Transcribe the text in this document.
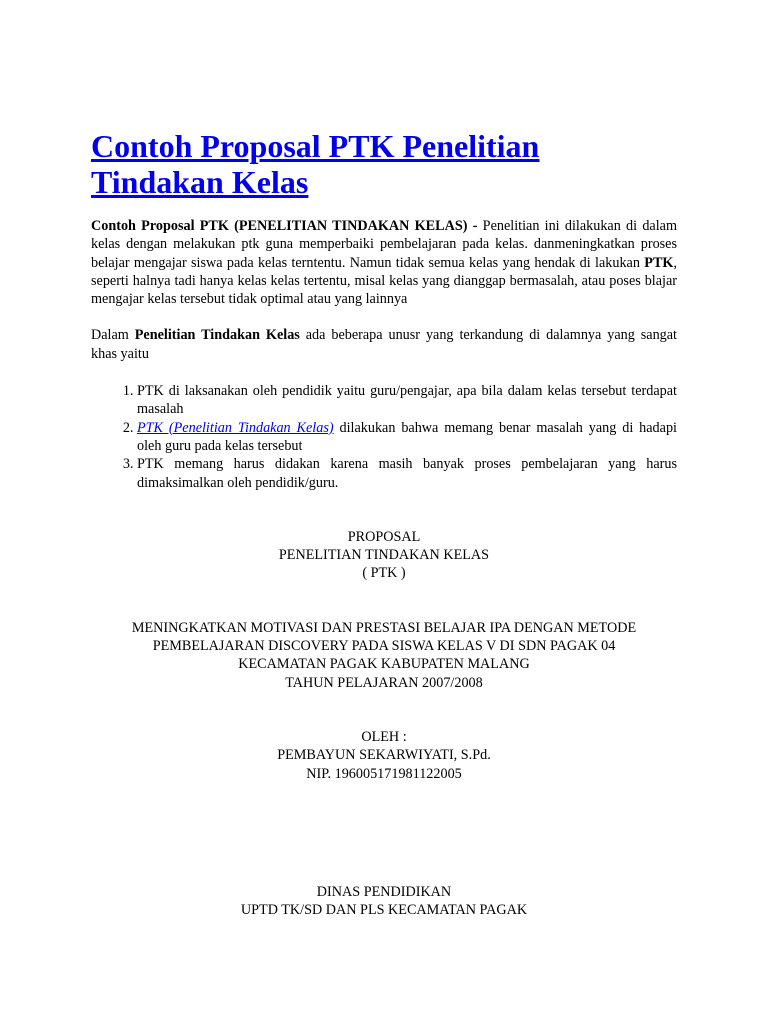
Contoh Proposal PTK Penelitian Tindakan Kelas

Contoh Proposal PTK (PENELITIAN TINDAKAN KELAS) - Penelitian ini dilakukan di dalam kelas dengan melakukan ptk guna memperbaiki pembelajaran pada kelas. danmeningkatkan proses belajar mengajar siswa pada kelas terntentu. Namun tidak semua kelas yang hendak di lakukan PTK, seperti halnya tadi hanya kelas kelas tertentu, misal kelas yang dianggap bermasalah, atau poses blajar mengajar kelas tersebut tidak optimal atau yang lainnya

Dalam Penelitian Tindakan Kelas ada beberapa unusr yang terkandung di dalamnya yang sangat khas yaitu

1. PTK di laksanakan oleh pendidik yaitu guru/pengajar, apa bila dalam kelas tersebut terdapat masalah
2. PTK (Penelitian Tindakan Kelas) dilakukan bahwa memang benar masalah yang di hadapi oleh guru pada kelas tersebut
3. PTK memang harus didakan karena masih banyak proses pembelajaran yang harus dimaksimalkan oleh pendidik/guru.
PROPOSAL
PENELITIAN TINDAKAN KELAS
( PTK )
MENINGKATKAN MOTIVASI DAN PRESTASI BELAJAR IPA DENGAN METODE
PEMBELAJARAN DISCOVERY PADA SISWA KELAS V DI SDN PAGAK 04
KECAMATAN PAGAK KABUPATEN MALANG
TAHUN PELAJARAN 2007/2008
OLEH :
PEMBAYUN SEKARWIYATI, S.Pd.
NIP. 196005171981122005
DINAS PENDIDIKAN
UPTD TK/SD DAN PLS KECAMATAN PAGAK
